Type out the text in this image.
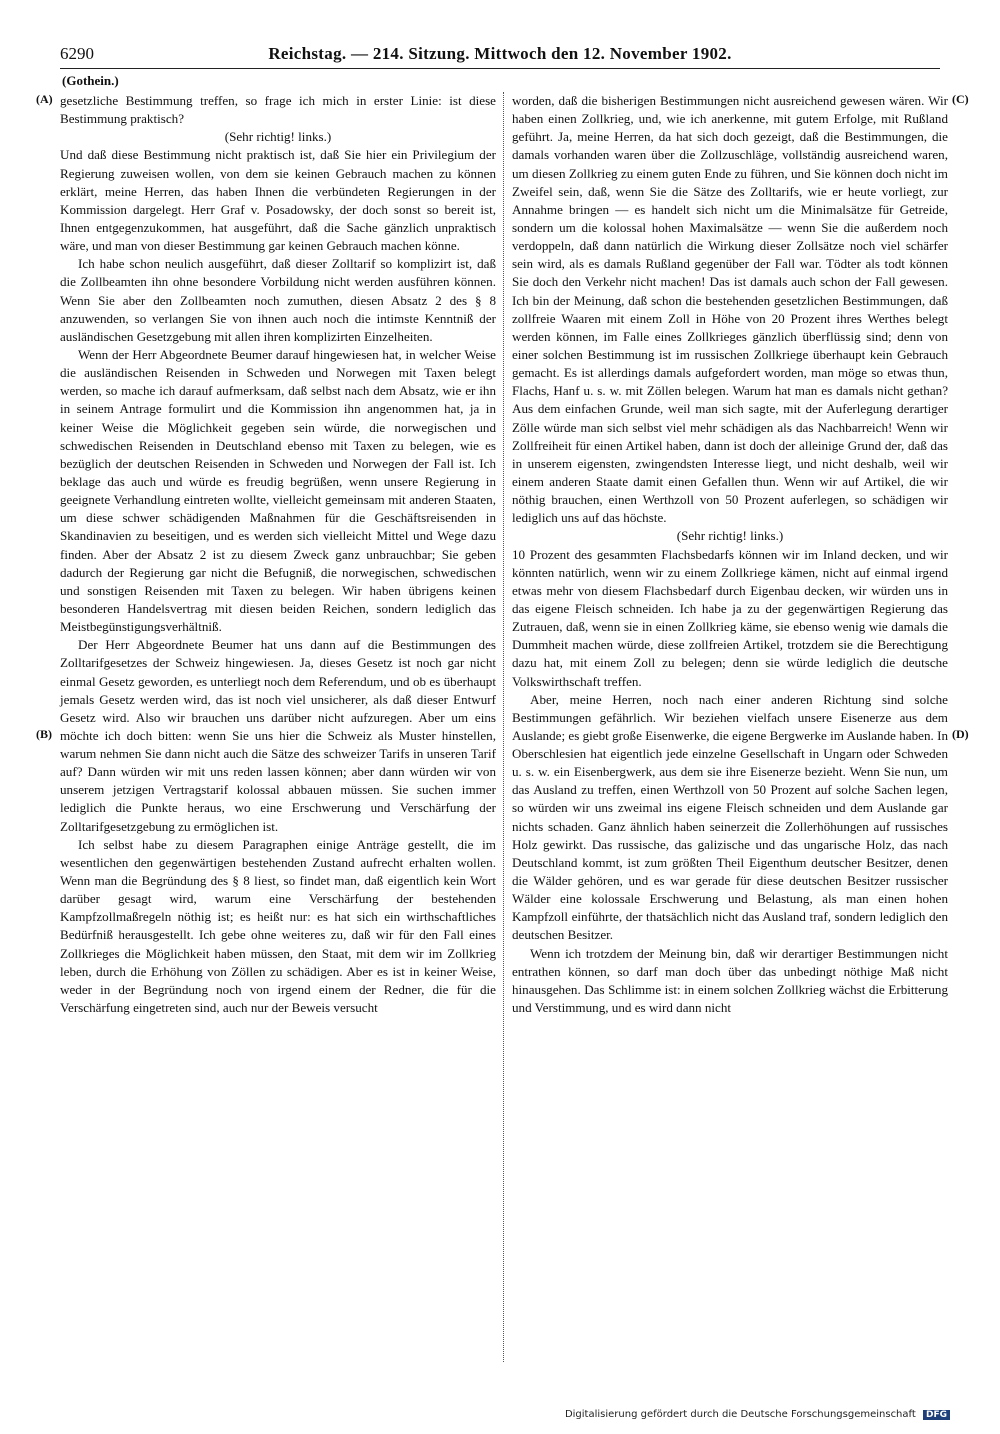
6290	Reichstag. — 214. Sitzung. Mittwoch den 12. November 1902.
(Gothein.)
(A)
(B)
(C)
(D)

gesetzliche Bestimmung treffen, so frage ich mich in erster Linie: ist diese Bestimmung praktisch?

(Sehr richtig! links.)

Und daß diese Bestimmung nicht praktisch ist, daß Sie hier ein Privilegium der Regierung zuweisen wollen, von dem sie keinen Gebrauch machen zu können erklärt, meine Herren, das haben Ihnen die verbündeten Regierungen in der Kommission dargelegt. Herr Graf v. Posadowsky, der doch sonst so bereit ist, Ihnen entgegenzukommen, hat ausgeführt, daß die Sache gänzlich unpraktisch wäre, und man von dieser Bestimmung gar keinen Gebrauch machen könne.

Ich habe schon neulich ausgeführt, daß dieser Zolltarif so komplizirt ist, daß die Zollbeamten ihn ohne besondere Vorbildung nicht werden ausführen können. Wenn Sie aber den Zollbeamten noch zumuthen, diesen Absatz 2 des § 8 anzuwenden, so verlangen Sie von ihnen auch noch die intimste Kenntniß der ausländischen Gesetzgebung mit allen ihren komplizirten Einzelheiten.

Wenn der Herr Abgeordnete Beumer darauf hingewiesen hat, in welcher Weise die ausländischen Reisenden in Schweden und Norwegen mit Taxen belegt werden, so mache ich darauf aufmerksam, daß selbst nach dem Absatz, wie er ihn in seinem Antrage formulirt und die Kommission ihn angenommen hat, ja in keiner Weise die Möglichkeit gegeben sein würde, die norwegischen und schwedischen Reisenden in Deutschland ebenso mit Taxen zu belegen, wie es bezüglich der deutschen Reisenden in Schweden und Norwegen der Fall ist. Ich beklage das auch und würde es freudig begrüßen, wenn unsere Regierung in geeignete Verhandlung eintreten wollte, vielleicht gemeinsam mit anderen Staaten, um diese schwer schädigenden Maßnahmen für die Geschäftsreisenden in Skandinavien zu beseitigen, und es werden sich vielleicht Mittel und Wege dazu finden. Aber der Absatz 2 ist zu diesem Zweck ganz unbrauchbar; Sie geben dadurch der Regierung gar nicht die Befugniß, die norwegischen, schwedischen und sonstigen Reisenden mit Taxen zu belegen. Wir haben übrigens keinen besonderen Handelsvertrag mit diesen beiden Reichen, sondern lediglich das Meistbegünstigungsverhältniß.

Der Herr Abgeordnete Beumer hat uns dann auf die Bestimmungen des Zolltarifgesetzes der Schweiz hingewiesen. Ja, dieses Gesetz ist noch gar nicht einmal Gesetz geworden, es unterliegt noch dem Referendum, und ob es überhaupt jemals Gesetz werden wird, das ist noch viel unsicherer, als daß dieser Entwurf Gesetz wird. Also wir brauchen uns darüber nicht aufzuregen. Aber um eins möchte ich doch bitten: wenn Sie uns hier die Schweiz als Muster hinstellen, warum nehmen Sie dann nicht auch die Sätze des schweizer Tarifs in unseren Tarif auf? Dann würden wir mit uns reden lassen können; aber dann würden wir von unserem jetzigen Vertragstarif kolossal abbauen müssen. Sie suchen immer lediglich die Punkte heraus, wo eine Erschwerung und Verschärfung der Zolltarifgesetzgebung zu ermöglichen ist.

Ich selbst habe zu diesem Paragraphen einige Anträge gestellt, die im wesentlichen den gegenwärtigen bestehenden Zustand aufrecht erhalten wollen. Wenn man die Begründung des § 8 liest, so findet man, daß eigentlich kein Wort darüber gesagt wird, warum eine Verschärfung der bestehenden Kampfzollmaßregeln nöthig ist; es heißt nur: es hat sich ein wirthschaftliches Bedürfniß herausgestellt. Ich gebe ohne weiteres zu, daß wir für den Fall eines Zollkrieges die Möglichkeit haben müssen, den Staat, mit dem wir im Zollkrieg leben, durch die Erhöhung von Zöllen zu schädigen. Aber es ist in keiner Weise, weder in der Begründung noch von irgend einem der Redner, die für die Verschärfung eingetreten sind, auch nur der Beweis versucht

worden, daß die bisherigen Bestimmungen nicht ausreichend gewesen wären. Wir haben einen Zollkrieg, und, wie ich anerkenne, mit gutem Erfolge, mit Rußland geführt. Ja, meine Herren, da hat sich doch gezeigt, daß die Bestimmungen, die damals vorhanden waren über die Zollzuschläge, vollständig ausreichend waren, um diesen Zollkrieg zu einem guten Ende zu führen, und Sie können doch nicht im Zweifel sein, daß, wenn Sie die Sätze des Zolltarifs, wie er heute vorliegt, zur Annahme bringen — es handelt sich nicht um die Minimalsätze für Getreide, sondern um die kolossal hohen Maximalsätze — wenn Sie die außerdem noch verdoppeln, daß dann natürlich die Wirkung dieser Zollsätze noch viel schärfer sein wird, als es damals Rußland gegenüber der Fall war. Tödter als todt können Sie doch den Verkehr nicht machen! Das ist damals auch schon der Fall gewesen. Ich bin der Meinung, daß schon die bestehenden gesetzlichen Bestimmungen, daß zollfreie Waaren mit einem Zoll in Höhe von 20 Prozent ihres Werthes belegt werden können, im Falle eines Zollkrieges gänzlich überflüssig sind; denn von einer solchen Bestimmung ist im russischen Zollkriege überhaupt kein Gebrauch gemacht. Es ist allerdings damals aufgefordert worden, man möge so etwas thun, Flachs, Hanf u. s. w. mit Zöllen belegen. Warum hat man es damals nicht gethan? Aus dem einfachen Grunde, weil man sich sagte, mit der Auferlegung derartiger Zölle würde man sich selbst viel mehr schädigen als das Nachbarreich! Wenn wir Zollfreiheit für einen Artikel haben, dann ist doch der alleinige Grund der, daß das in unserem eigensten, zwingendsten Interesse liegt, und nicht deshalb, weil wir einem anderen Staate damit einen Gefallen thun. Wenn wir auf Artikel, die wir nöthig brauchen, einen Werthzoll von 50 Prozent auferlegen, so schädigen wir lediglich uns auf das höchste.

(Sehr richtig! links.)

10 Prozent des gesammten Flachsbedarfs können wir im Inland decken, und wir könnten natürlich, wenn wir zu einem Zollkriege kämen, nicht auf einmal irgend etwas mehr von diesem Flachsbedarf durch Eigenbau decken, wir würden uns in das eigene Fleisch schneiden. Ich habe ja zu der gegenwärtigen Regierung das Zutrauen, daß, wenn sie in einen Zollkrieg käme, sie ebenso wenig wie damals die Dummheit machen würde, diese zollfreien Artikel, trotzdem sie die Berechtigung dazu hat, mit einem Zoll zu belegen; denn sie würde lediglich die deutsche Volkswirthschaft treffen.

Aber, meine Herren, noch nach einer anderen Richtung sind solche Bestimmungen gefährlich. Wir beziehen vielfach unsere Eisenerze aus dem Auslande; es giebt große Eisenwerke, die eigene Bergwerke im Auslande haben. In Oberschlesien hat eigentlich jede einzelne Gesellschaft in Ungarn oder Schweden u. s. w. ein Eisenbergwerk, aus dem sie ihre Eisenerze bezieht. Wenn Sie nun, um das Ausland zu treffen, einen Werthzoll von 50 Prozent auf solche Sachen legen, so würden wir uns zweimal ins eigene Fleisch schneiden und dem Auslande gar nichts schaden. Ganz ähnlich haben seinerzeit die Zollerhöhungen auf russisches Holz gewirkt. Das russische, das galizische und das ungarische Holz, das nach Deutschland kommt, ist zum größten Theil Eigenthum deutscher Besitzer, denen die Wälder gehören, und es war gerade für diese deutschen Besitzer russischer Wälder eine kolossale Erschwerung und Belastung, als man einen hohen Kampfzoll einführte, der thatsächlich nicht das Ausland traf, sondern lediglich den deutschen Besitzer.

Wenn ich trotzdem der Meinung bin, daß wir derartiger Bestimmungen nicht entrathen können, so darf man doch über das unbedingt nöthige Maß nicht hinausgehen. Das Schlimme ist: in einem solchen Zollkrieg wächst die Erbitterung und Verstimmung, und es wird dann nicht

Digitalisierung gefördert durch die Deutsche Forschungsgemeinschaft DFG
